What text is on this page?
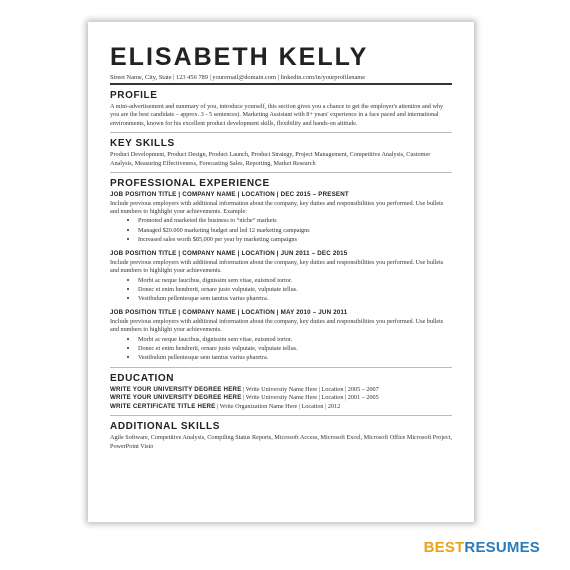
ELISABETH KELLY
Street Name, City, State | 123 456 789 | youremail@domain.com | linkedin.com/in/yourprofilename
PROFILE

A mini-advertisement and summary of you, introduce yourself, this section gives you a chance to get the employer's attention and why you are the best candidate – approx. 3 - 5 sentences). Marketing Assistant with 8+ years' experience in a face paced and international environments, known for his excellent product development skills, flexibility and hands-on attitude.

KEY SKILLS

Product Development, Product Design, Product Launch, Product Strategy, Project Management, Competitive Analysis, Customer Analysis, Measuring Effectiveness, Forecasting Sales, Reporting, Market Research

PROFESSIONAL EXPERIENCE
JOB POSITION TITLE | COMPANY NAME | LOCATION | DEC 2015 – PRESENT

Include previous employers with additional information about the company, key duties and responsibilities you performed. Use bullets and numbers to highlight your achievements. Example:

• Promoted and marketed the business to “niche” markets
• Managed $20.000 marketing budget and led 12 marketing campaigns
• Increased sales worth $85,000 per year by marketing campaigns
JOB POSITION TITLE | COMPANY NAME | LOCATION | JUN 2011 – DEC 2015

Include previous employers with additional information about the company, key duties and responsibilities you performed. Use bullets and numbers to highlight your achievements.

• Morbi ac neque faucibus, dignissim sem vitae, euismod tortor.
• Donec et enim hendrerit, ornare justo vulputate, vulputate tellus.
• Vestibulum pellentesque sem tamtus varius pharetra.
JOB POSITION TITLE | COMPANY NAME | LOCATION | MAY 2010 – JUN 2011

Include previous employers with additional information about the company, key duties and responsibilities you performed. Use bullets and numbers to highlight your achievements.

• Morbi ac neque faucibus, dignissim sem vitae, euismod tortor.
• Donec et enim hendrerit, ornare justo vulputate, vulputate tellus.
• Vestibulum pellentesque sem tamtus varius pharetra.
EDUCATION
WRITE YOUR UNIVERSITY DEGREE HERE | Write University Name Here | Location | 2005 – 2007
WRITE YOUR UNIVERSITY DEGREE HERE | Write University Name Here | Location | 2001 – 2005
WRITE CERTIFICATE TITLE HERE | Write Organization Name Here | Location | 2012
ADDITIONAL SKILLS

Agile Software, Competitive Analysis, Compiling Status Reports, Microsoft Access, Microsoft Excel, Microsoft Office Microsoft Project, PowerPoint Visio

BESTRESUMES
